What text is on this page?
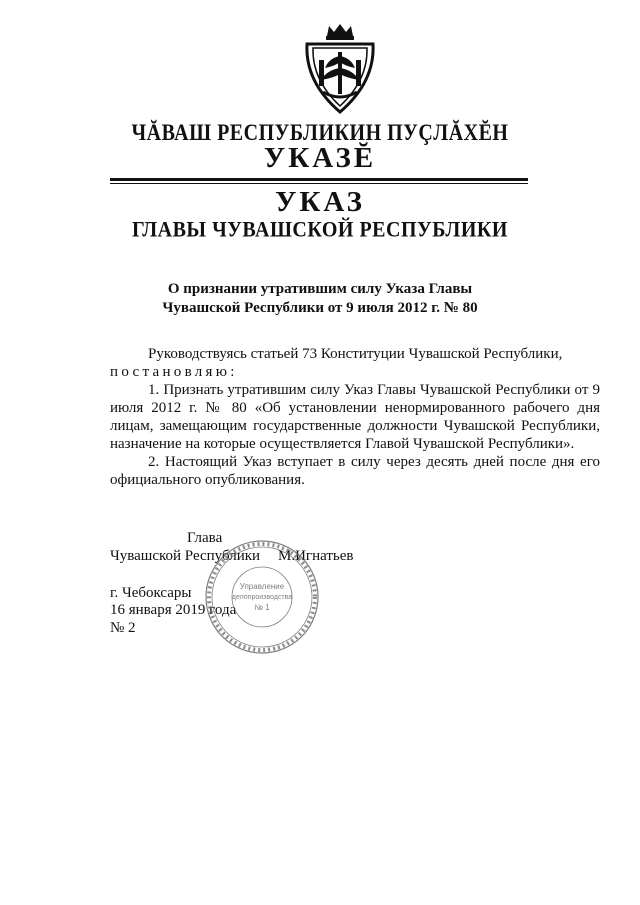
ЧĂВАШ РЕСПУБЛИКИН ПУÇЛĂХĔН
УКАЗĔ
УКАЗ
ГЛАВЫ ЧУВАШСКОЙ РЕСПУБЛИКИ
О признании утратившим силу Указа Главы
Чувашской Республики от 9 июля 2012 г. № 80

Руководствуясь статьей 73 Конституции Чувашской Республики,

постановляю:

1. Признать утратившим силу Указ Главы Чувашской Республики от 9 июля 2012 г. № 80 «Об установлении ненормированного рабочего дня лицам, замещающим государственные должности Чувашской Республики, назначение на которые осуществляется Главой Чувашской Республики».

2. Настоящий Указ вступает в силу через десять дней после дня его официального опубликования.

Глава
Чувашской Республики М.Игнатьев
г. Чебоксары
16 января 2019 года
№ 2
Управление
делопроизводства
№ 1
